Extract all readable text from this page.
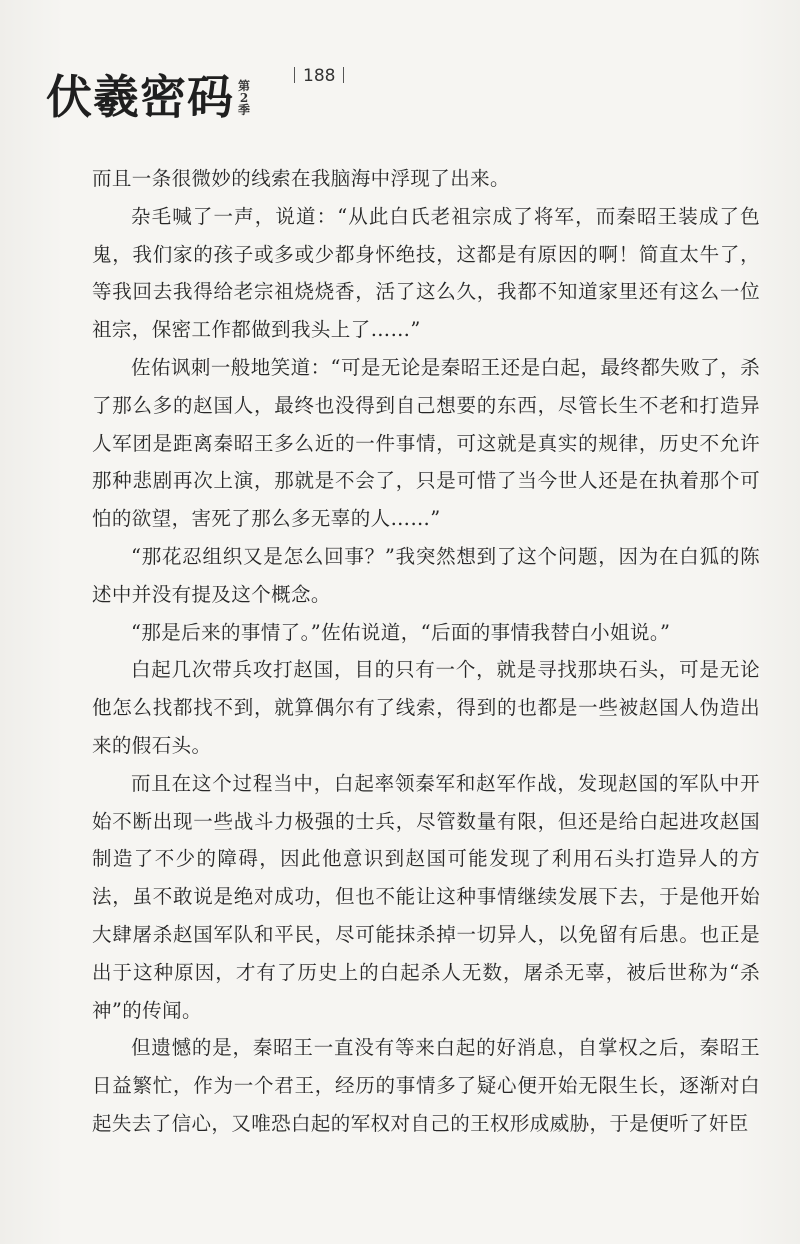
伏羲密码 第
2
季
188

而且一条很微妙的线索在我脑海中浮现了出来。

杂毛喊了一声，说道：“从此白氏老祖宗成了将军，而秦昭王装成了色鬼，我们家的孩子或多或少都身怀绝技，这都是有原因的啊！简直太牛了，等我回去我得给老宗祖烧烧香，活了这么久，我都不知道家里还有这么一位祖宗，保密工作都做到我头上了……”

佐佑讽刺一般地笑道：“可是无论是秦昭王还是白起，最终都失败了，杀了那么多的赵国人，最终也没得到自己想要的东西，尽管长生不老和打造异人军团是距离秦昭王多么近的一件事情，可这就是真实的规律，历史不允许那种悲剧再次上演，那就是不会了，只是可惜了当今世人还是在执着那个可怕的欲望，害死了那么多无辜的人……”

“那花忍组织又是怎么回事？”我突然想到了这个问题，因为在白狐的陈述中并没有提及这个概念。

“那是后来的事情了。”佐佑说道，“后面的事情我替白小姐说。”

白起几次带兵攻打赵国，目的只有一个，就是寻找那块石头，可是无论他怎么找都找不到，就算偶尔有了线索，得到的也都是一些被赵国人伪造出来的假石头。

而且在这个过程当中，白起率领秦军和赵军作战，发现赵国的军队中开始不断出现一些战斗力极强的士兵，尽管数量有限，但还是给白起进攻赵国制造了不少的障碍，因此他意识到赵国可能发现了利用石头打造异人的方法，虽不敢说是绝对成功，但也不能让这种事情继续发展下去，于是他开始大肆屠杀赵国军队和平民，尽可能抹杀掉一切异人，以免留有后患。也正是出于这种原因，才有了历史上的白起杀人无数，屠杀无辜，被后世称为“杀神”的传闻。

但遗憾的是，秦昭王一直没有等来白起的好消息，自掌权之后，秦昭王日益繁忙，作为一个君王，经历的事情多了疑心便开始无限生长，逐渐对白起失去了信心，又唯恐白起的军权对自己的王权形成威胁，于是便听了奸臣
